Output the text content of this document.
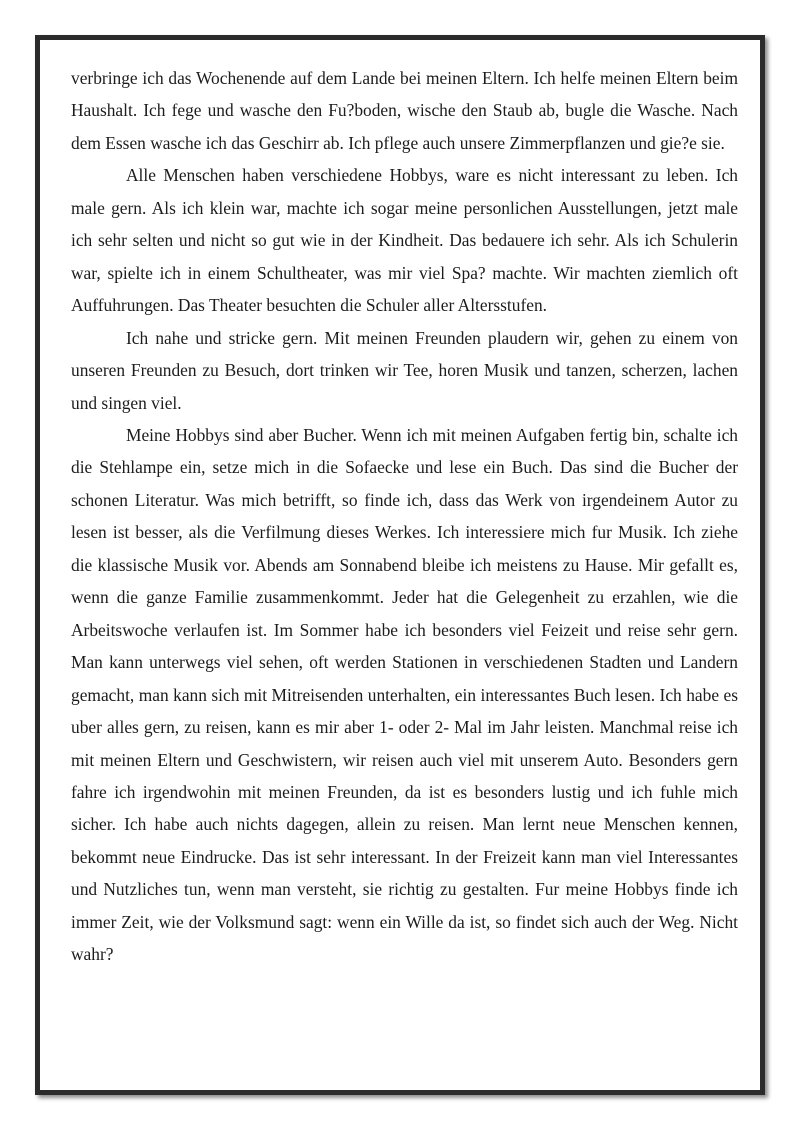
verbringe ich das Wochenende auf dem Lande bei meinen Eltern. Ich helfe meinen Eltern beim Haushalt. Ich fege und wasche den Fu?boden, wische den Staub ab, bugle die Wasche. Nach dem Essen wasche ich das Geschirr ab. Ich pflege auch unsere Zimmerpflanzen und gie?e sie.

Alle Menschen haben verschiedene Hobbys, ware es nicht interessant zu leben. Ich male gern. Als ich klein war, machte ich sogar meine personlichen Ausstellungen, jetzt male ich sehr selten und nicht so gut wie in der Kindheit. Das bedauere ich sehr. Als ich Schulerin war, spielte ich in einem Schultheater, was mir viel Spa? machte. Wir machten ziemlich oft Auffuhrungen. Das Theater besuchten die Schuler aller Altersstufen.

Ich nahe und stricke gern. Mit meinen Freunden plaudern wir, gehen zu einem von unseren Freunden zu Besuch, dort trinken wir Tee, horen Musik und tanzen, scherzen, lachen und singen viel.

Meine Hobbys sind aber Bucher. Wenn ich mit meinen Aufgaben fertig bin, schalte ich die Stehlampe ein, setze mich in die Sofaecke und lese ein Buch. Das sind die Bucher der schonen Literatur. Was mich betrifft, so finde ich, dass das Werk von irgendeinem Autor zu lesen ist besser, als die Verfilmung dieses Werkes. Ich interessiere mich fur Musik. Ich ziehe die klassische Musik vor. Abends am Sonnabend bleibe ich meistens zu Hause. Mir gefallt es, wenn die ganze Familie zusammenkommt. Jeder hat die Gelegenheit zu erzahlen, wie die Arbeitswoche verlaufen ist. Im Sommer habe ich besonders viel Feizeit und reise sehr gern. Man kann unterwegs viel sehen, oft werden Stationen in verschiedenen Stadten und Landern gemacht, man kann sich mit Mitreisenden unterhalten, ein interessantes Buch lesen. Ich habe es uber alles gern, zu reisen, kann es mir aber 1- oder 2- Mal im Jahr leisten. Manchmal reise ich mit meinen Eltern und Geschwistern, wir reisen auch viel mit unserem Auto. Besonders gern fahre ich irgendwohin mit meinen Freunden, da ist es besonders lustig und ich fuhle mich sicher. Ich habe auch nichts dagegen, allein zu reisen. Man lernt neue Menschen kennen, bekommt neue Eindrucke. Das ist sehr interessant. In der Freizeit kann man viel Interessantes und Nutzliches tun, wenn man versteht, sie richtig zu gestalten. Fur meine Hobbys finde ich immer Zeit, wie der Volksmund sagt: wenn ein Wille da ist, so findet sich auch der Weg. Nicht wahr?
